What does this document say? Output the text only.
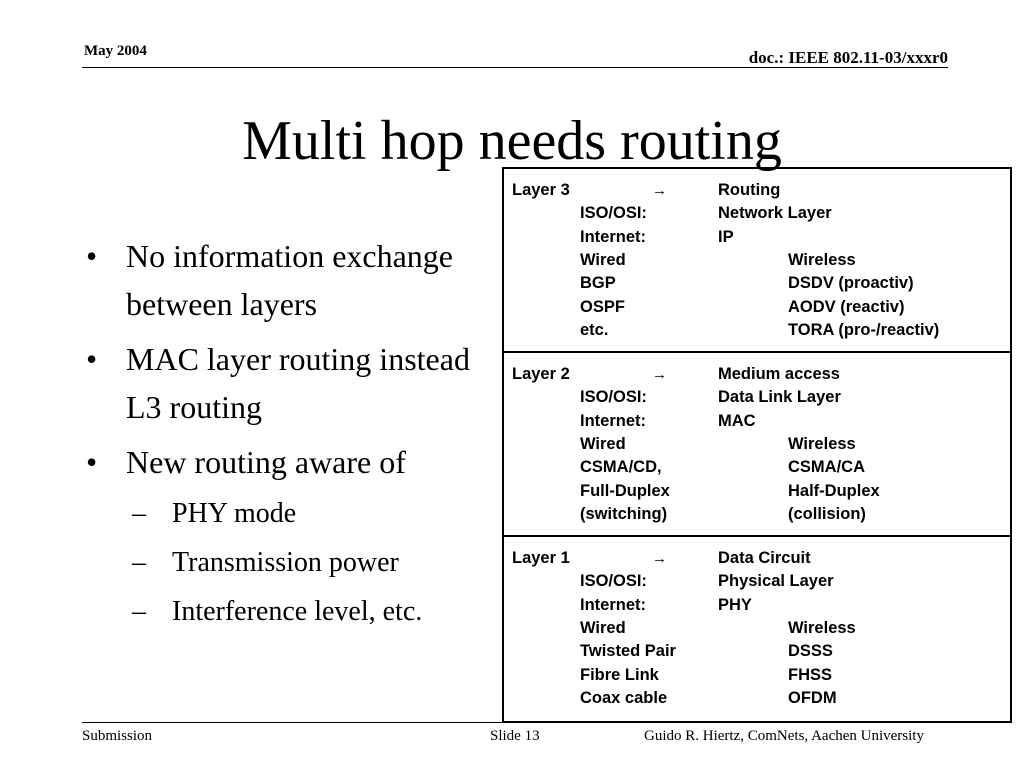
May 2004	doc.: IEEE 802.11-03/xxxr0
Multi hop needs routing
• No information exchange between layers
• MAC layer routing instead L3 routing
• New routing aware of
– PHY mode
– Transmission power
– Interference level, etc.
Layer 3	→	Routing
ISO/OSI:	Network Layer
Internet:	IP
Wired	Wireless
BGP	DSDV (proactiv)
OSPF	AODV (reactiv)
etc.	TORA (pro-/reactiv)
Layer 2	→	Medium access
ISO/OSI:	Data Link Layer
Internet:	MAC
Wired	Wireless
CSMA/CD,	CSMA/CA
Full-Duplex	Half-Duplex
(switching)	(collision)
Layer 1	→	Data Circuit
ISO/OSI:	Physical Layer
Internet:	PHY
Wired	Wireless
Twisted Pair	DSSS
Fibre Link	FHSS
Coax cable	OFDM
Submission	Slide 13	Guido R. Hiertz, ComNets, Aachen University
